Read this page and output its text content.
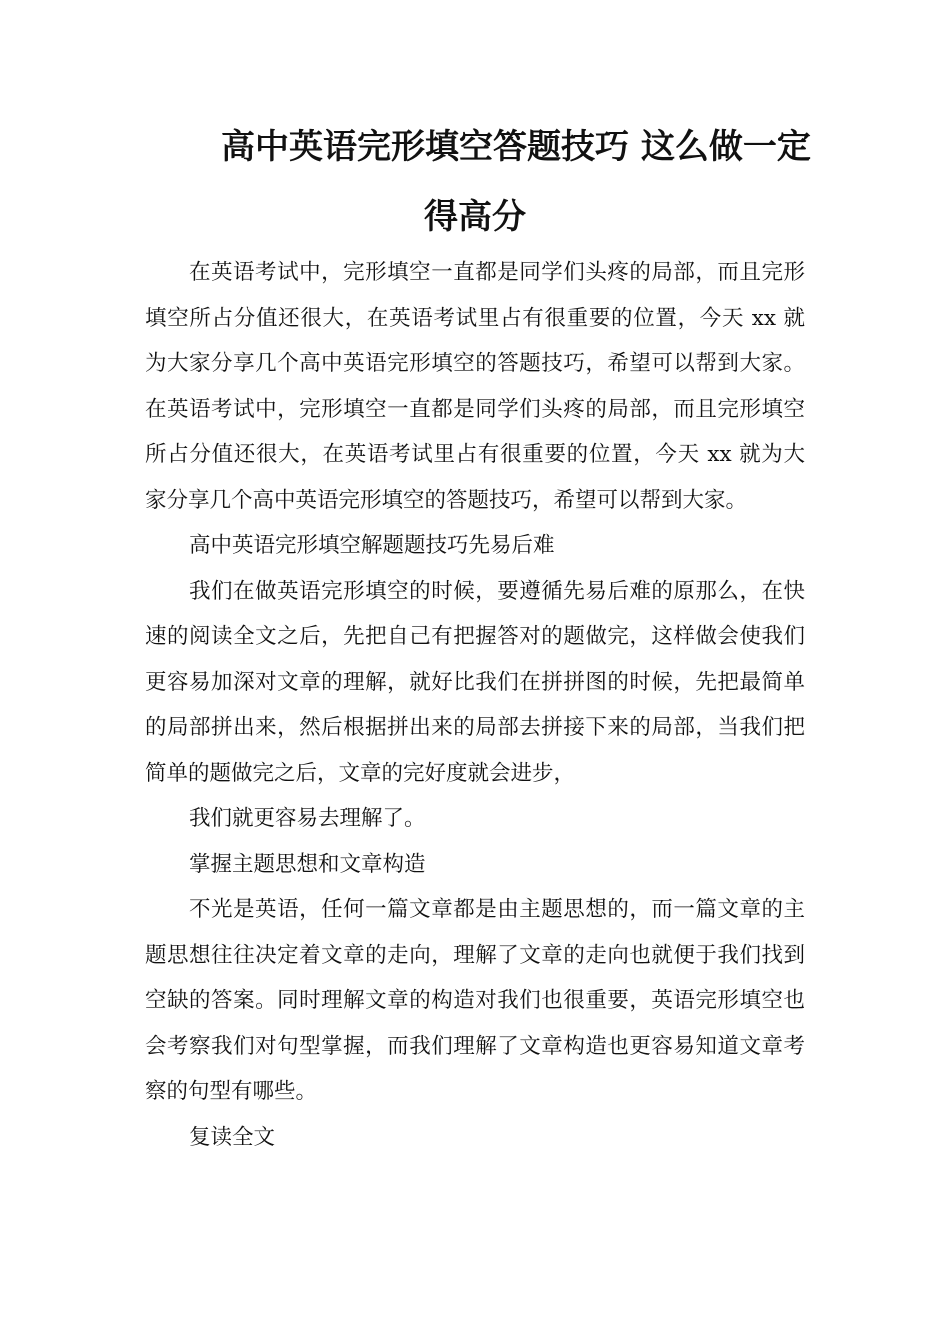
高中英语完形填空答题技巧 这么做一定
得高分

在英语考试中，完形填空一直都是同学们头疼的局部，而且完形填空所占分值还很大，在英语考试里占有很重要的位置，今天 xx 就为大家分享几个高中英语完形填空的答题技巧，希望可以帮到大家。在英语考试中，完形填空一直都是同学们头疼的局部，而且完形填空所占分值还很大，在英语考试里占有很重要的位置，今天 xx 就为大家分享几个高中英语完形填空的答题技巧，希望可以帮到大家。

高中英语完形填空解题题技巧先易后难

我们在做英语完形填空的时候，要遵循先易后难的原那么，在快速的阅读全文之后，先把自己有把握答对的题做完，这样做会使我们更容易加深对文章的理解，就好比我们在拼拼图的时候，先把最简单的局部拼出来，然后根据拼出来的局部去拼接下来的局部，当我们把简单的题做完之后，文章的完好度就会进步，

我们就更容易去理解了。

掌握主题思想和文章构造

不光是英语，任何一篇文章都是由主题思想的，而一篇文章的主题思想往往决定着文章的走向，理解了文章的走向也就便于我们找到空缺的答案。同时理解文章的构造对我们也很重要，英语完形填空也会考察我们对句型掌握，而我们理解了文章构造也更容易知道文章考察的句型有哪些。

复读全文
